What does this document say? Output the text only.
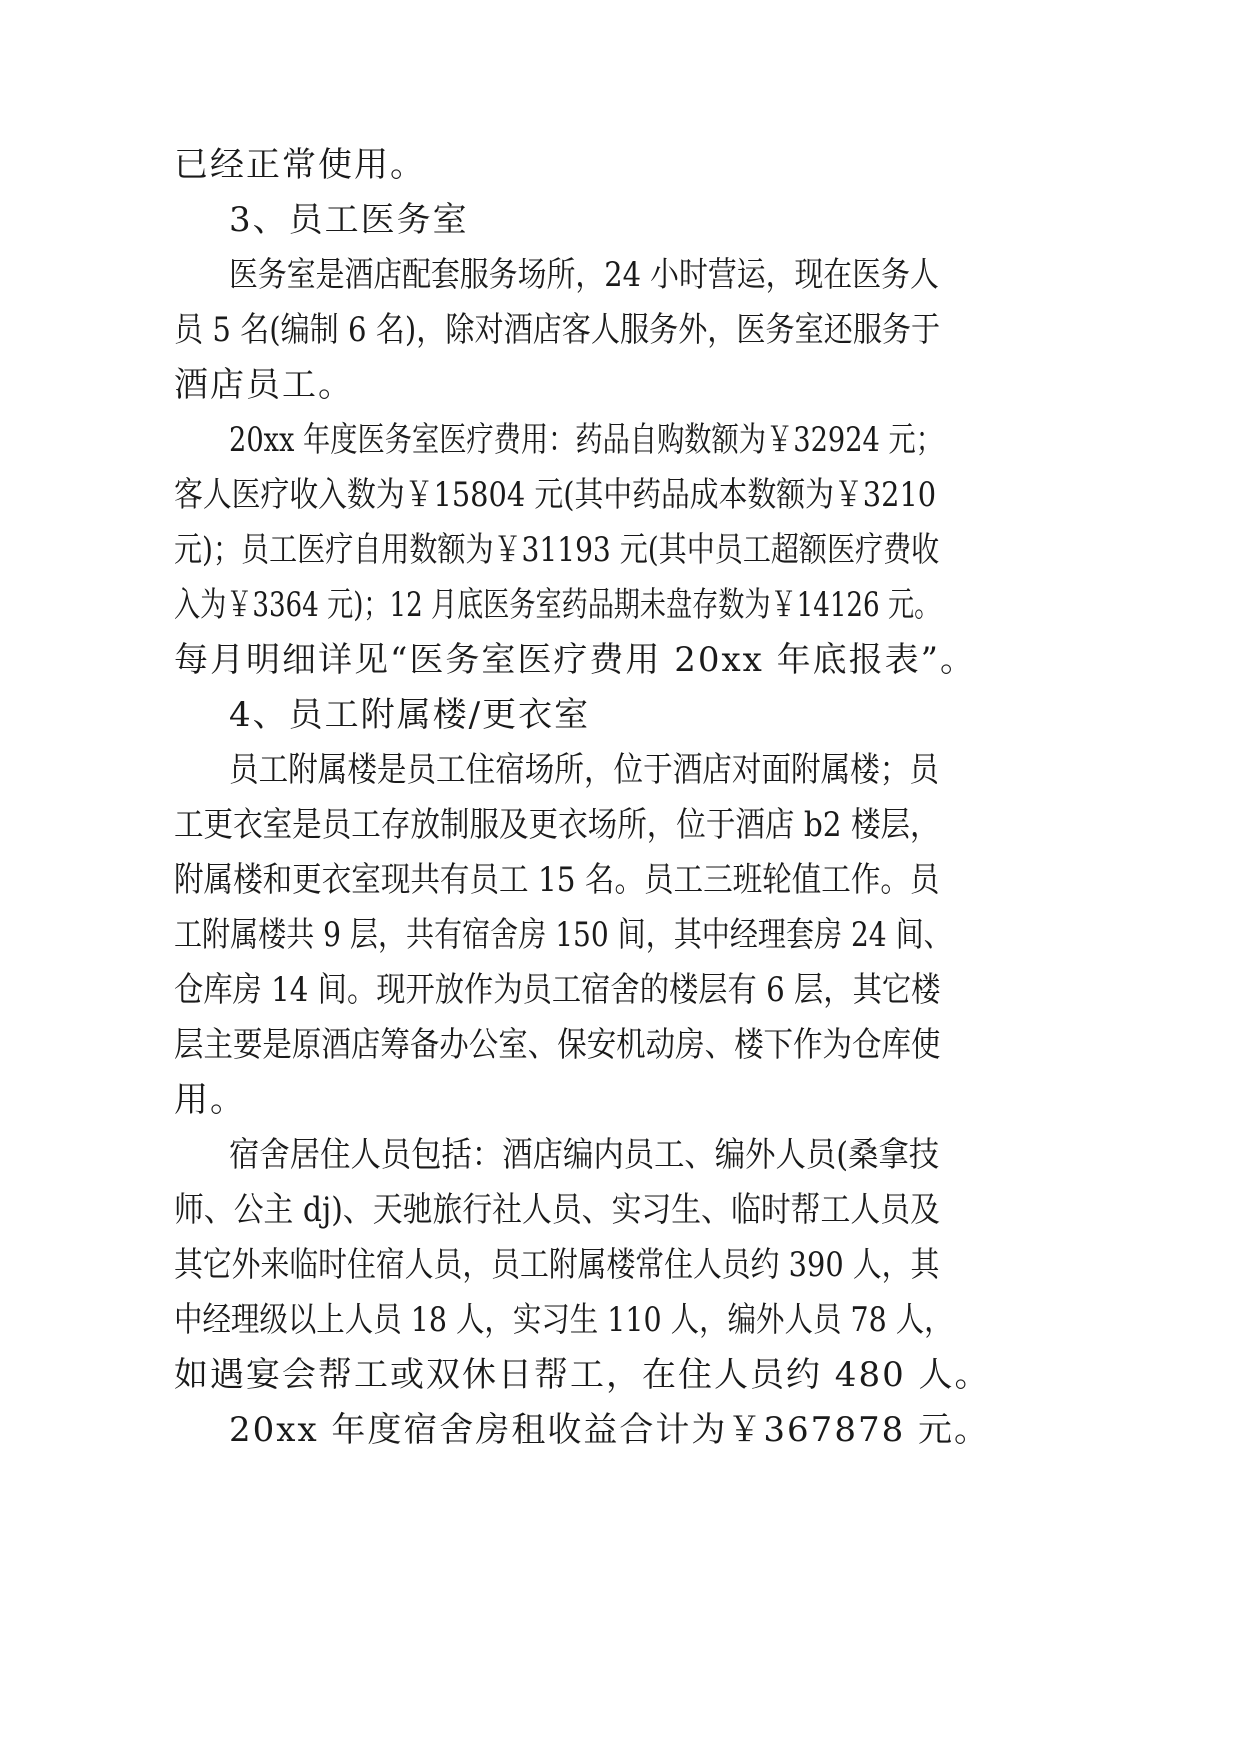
已经正常使用。

3、员工医务室

医务室是酒店配套服务场所，24 小时营运，现在医务人

员 5 名(编制 6 名)，除对酒店客人服务外，医务室还服务于

酒店员工。

20xx 年度医务室医疗费用：药品自购数额为￥32924 元；

客人医疗收入数为￥15804 元(其中药品成本数额为￥3210

元)；员工医疗自用数额为￥31193 元(其中员工超额医疗费收

入为￥3364 元)；12 月底医务室药品期未盘存数为￥14126 元。

每月明细详见“医务室医疗费用 20xx 年底报表”。

4、员工附属楼/更衣室

员工附属楼是员工住宿场所，位于酒店对面附属楼；员

工更衣室是员工存放制服及更衣场所，位于酒店 b2 楼层，

附属楼和更衣室现共有员工 15 名。员工三班轮值工作。员

工附属楼共 9 层，共有宿舍房 150 间，其中经理套房 24 间、

仓库房 14 间。现开放作为员工宿舍的楼层有 6 层，其它楼

层主要是原酒店筹备办公室、保安机动房、楼下作为仓库使

用。

宿舍居住人员包括：酒店编内员工、编外人员(桑拿技

师、公主 dj)、天驰旅行社人员、实习生、临时帮工人员及

其它外来临时住宿人员，员工附属楼常住人员约 390 人，其

中经理级以上人员 18 人，实习生 110 人，编外人员 78 人，

如遇宴会帮工或双休日帮工，在住人员约 480 人。

20xx 年度宿舍房租收益合计为￥367878 元。
